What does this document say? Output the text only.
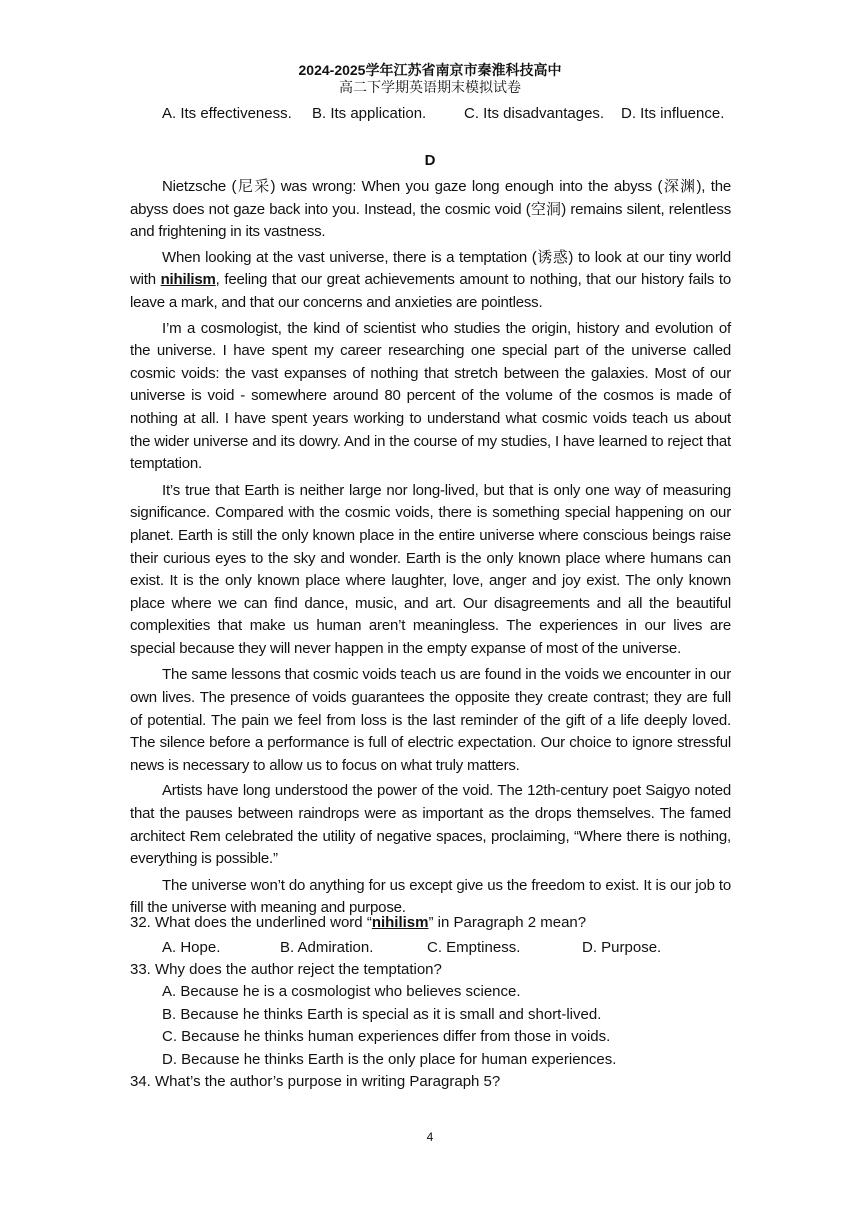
2024-2025学年江苏省南京市秦淮科技高中
高二下学期英语期末模拟试卷
A. Its effectiveness. B. Its application.	C. Its disadvantages. D. Its influence.
D

Nietzsche (尼采) was wrong: When you gaze long enough into the abyss (深渊), the abyss does not gaze back into you. Instead, the cosmic void (空洞) remains silent, relentless and frightening in its vastness.

When looking at the vast universe, there is a temptation (诱惑) to look at our tiny world with nihilism, feeling that our great achievements amount to nothing, that our history fails to leave a mark, and that our concerns and anxieties are pointless.

I’m a cosmologist, the kind of scientist who studies the origin, history and evolution of the universe. I have spent my career researching one special part of the universe called cosmic voids: the vast expanses of nothing that stretch between the galaxies. Most of our universe is void - somewhere around 80 percent of the volume of the cosmos is made of nothing at all. I have spent years working to understand what cosmic voids teach us about the wider universe and its dowry. And in the course of my studies, I have learned to reject that temptation.

It’s true that Earth is neither large nor long-lived, but that is only one way of measuring significance. Compared with the cosmic voids, there is something special happening on our planet. Earth is still the only known place in the entire universe where conscious beings raise their curious eyes to the sky and wonder. Earth is the only known place where humans can exist. It is the only known place where laughter, love, anger and joy exist. The only known place where we can find dance, music, and art. Our disagreements and all the beautiful complexities that make us human aren’t meaningless. The experiences in our lives are special because they will never happen in the empty expanse of most of the universe.

The same lessons that cosmic voids teach us are found in the voids we encounter in our own lives. The presence of voids guarantees the opposite they create contrast; they are full of potential. The pain we feel from loss is the last reminder of the gift of a life deeply loved. The silence before a performance is full of electric expectation. Our choice to ignore stressful news is necessary to allow us to focus on what truly matters.

Artists have long understood the power of the void. The 12th-century poet Saigyo noted that the pauses between raindrops were as important as the drops themselves. The famed architect Rem celebrated the utility of negative spaces, proclaiming, “Where there is nothing, everything is possible.”

The universe won’t do anything for us except give us the freedom to exist. It is our job to fill the universe with meaning and purpose.

32. What does the underlined word “nihilism” in Paragraph 2 mean?
A. Hope.	B. Admiration.	C. Emptiness.	D. Purpose.
33. Why does the author reject the temptation?
A. Because he is a cosmologist who believes science.
B. Because he thinks Earth is special as it is small and short-lived.
C. Because he thinks human experiences differ from those in voids.
D. Because he thinks Earth is the only place for human experiences.
34. What’s the author’s purpose in writing Paragraph 5?
4
